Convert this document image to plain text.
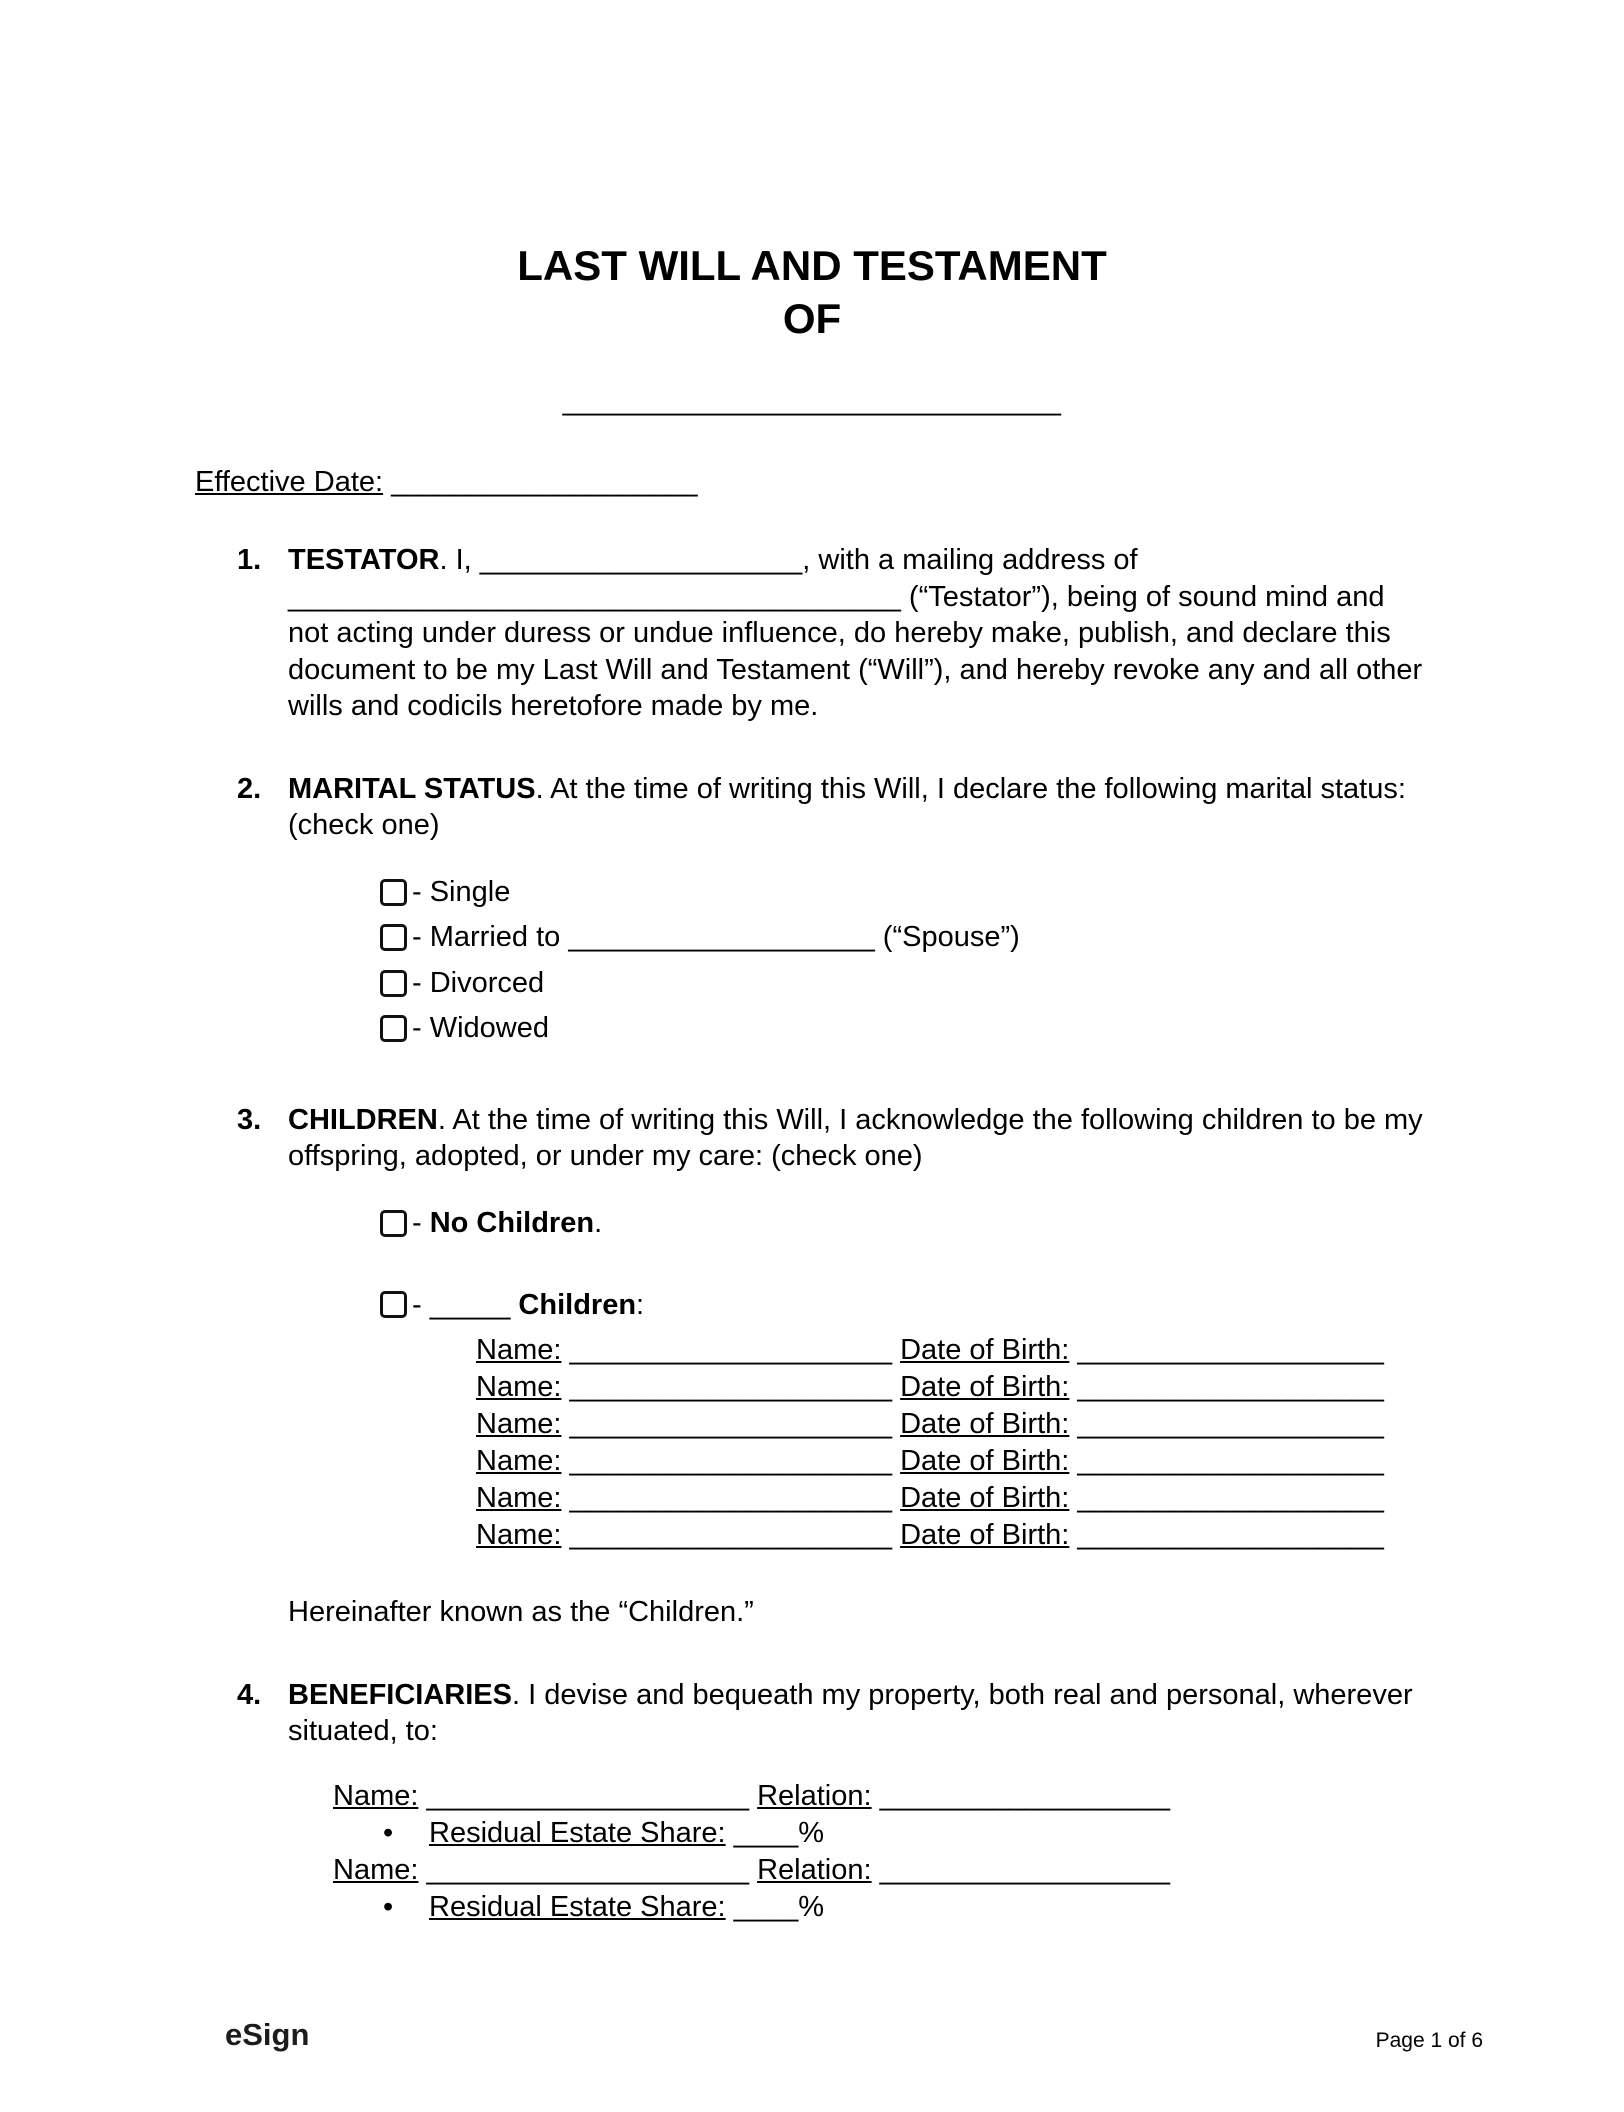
LAST WILL AND TESTAMENT
OF
______________________________
Effective Date: ___________________
1. TESTATOR. I, ____________________, with a mailing address of ______________________________________ (“Testator”), being of sound mind and not acting under duress or undue influence, do hereby make, publish, and declare this document to be my Last Will and Testament (“Will”), and hereby revoke any and all other wills and codicils heretofore made by me.

2. MARITAL STATUS. At the time of writing this Will, I declare the following marital status: (check one)

- Single
- Married to ___________________ (“Spouse”)
- Divorced
- Widowed
3. CHILDREN. At the time of writing this Will, I acknowledge the following children to be my offspring, adopted, or under my care: (check one)

- No Children.
- _____ Children:
Name: ____________________ Date of Birth: ___________________
Name: ____________________ Date of Birth: ___________________
Name: ____________________ Date of Birth: ___________________
Name: ____________________ Date of Birth: ___________________
Name: ____________________ Date of Birth: ___________________
Name: ____________________ Date of Birth: ___________________

Hereinafter known as the “Children.”

4. BENEFICIARIES. I devise and bequeath my property, both real and personal, wherever situated, to:

Name: ____________________ Relation: __________________
• Residual Estate Share: ____%
Name: ____________________ Relation: __________________
• Residual Estate Share: ____%
eSign	Page 1 of 6
